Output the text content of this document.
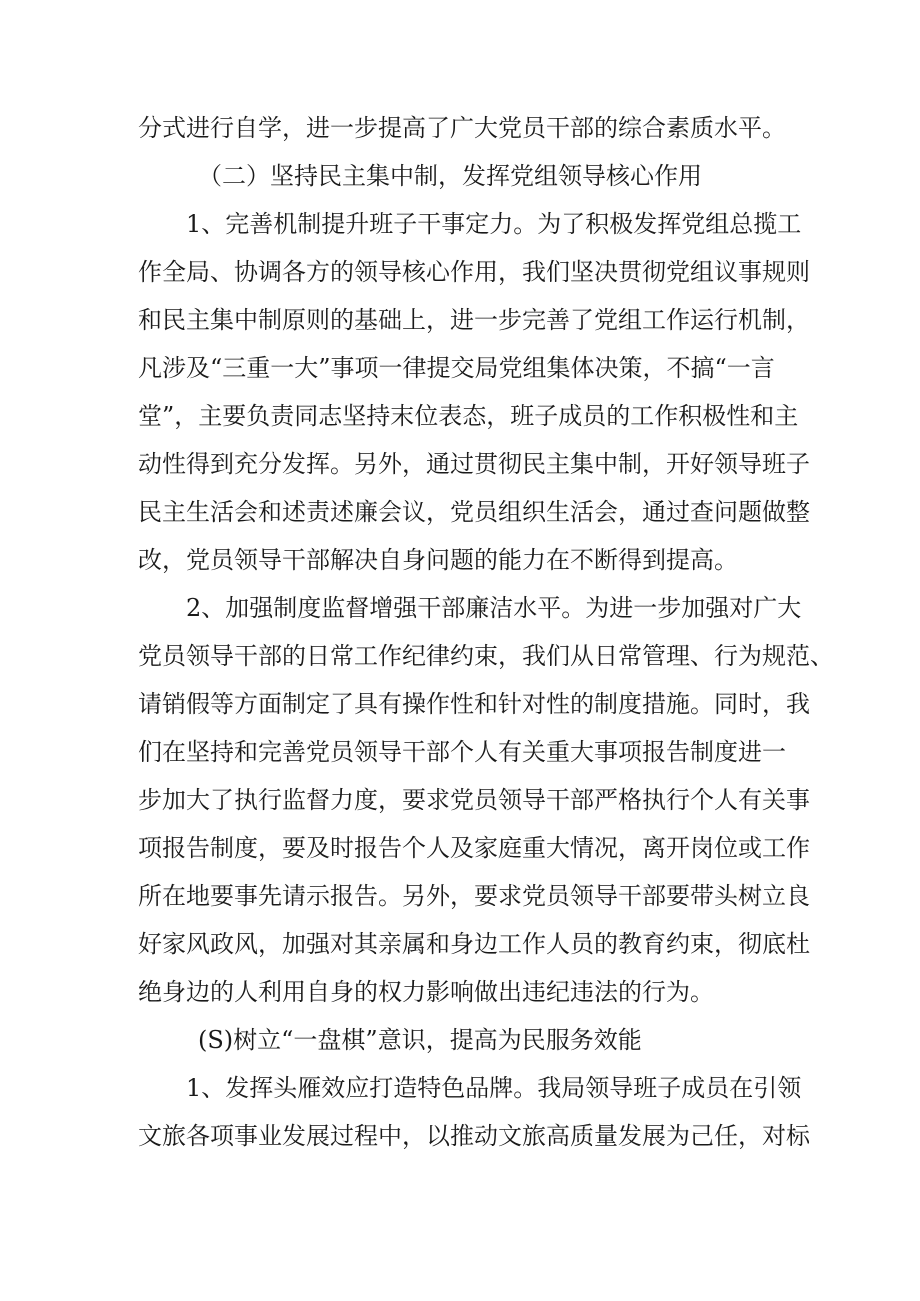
分式进行自学，进一步提高了广大党员干部的综合素质水平。
（二）坚持民主集中制，发挥党组领导核心作用
1、完善机制提升班子干事定力。为了积极发挥党组总揽工
作全局、协调各方的领导核心作用，我们坚决贯彻党组议事规则
和民主集中制原则的基础上，进一步完善了党组工作运行机制，
凡涉及“三重一大”事项一律提交局党组集体决策，不搞“一言
堂”，主要负责同志坚持末位表态，班子成员的工作积极性和主
动性得到充分发挥。另外，通过贯彻民主集中制，开好领导班子
民主生活会和述责述廉会议，党员组织生活会，通过查问题做整
改，党员领导干部解决自身问题的能力在不断得到提高。
2、加强制度监督增强干部廉洁水平。为进一步加强对广大
党员领导干部的日常工作纪律约束，我们从日常管理、行为规范、
请销假等方面制定了具有操作性和针对性的制度措施。同时，我
们在坚持和完善党员领导干部个人有关重大事项报告制度进一
步加大了执行监督力度，要求党员领导干部严格执行个人有关事
项报告制度，要及时报告个人及家庭重大情况，离开岗位或工作
所在地要事先请示报告。另外，要求党员领导干部要带头树立良
好家风政风，加强对其亲属和身边工作人员的教育约束，彻底杜
绝身边的人利用自身的权力影响做出违纪违法的行为。
(S)树立“一盘棋”意识，提高为民服务效能
1、发挥头雁效应打造特色品牌。我局领导班子成员在引领
文旅各项事业发展过程中，以推动文旅高质量发展为己任，对标
